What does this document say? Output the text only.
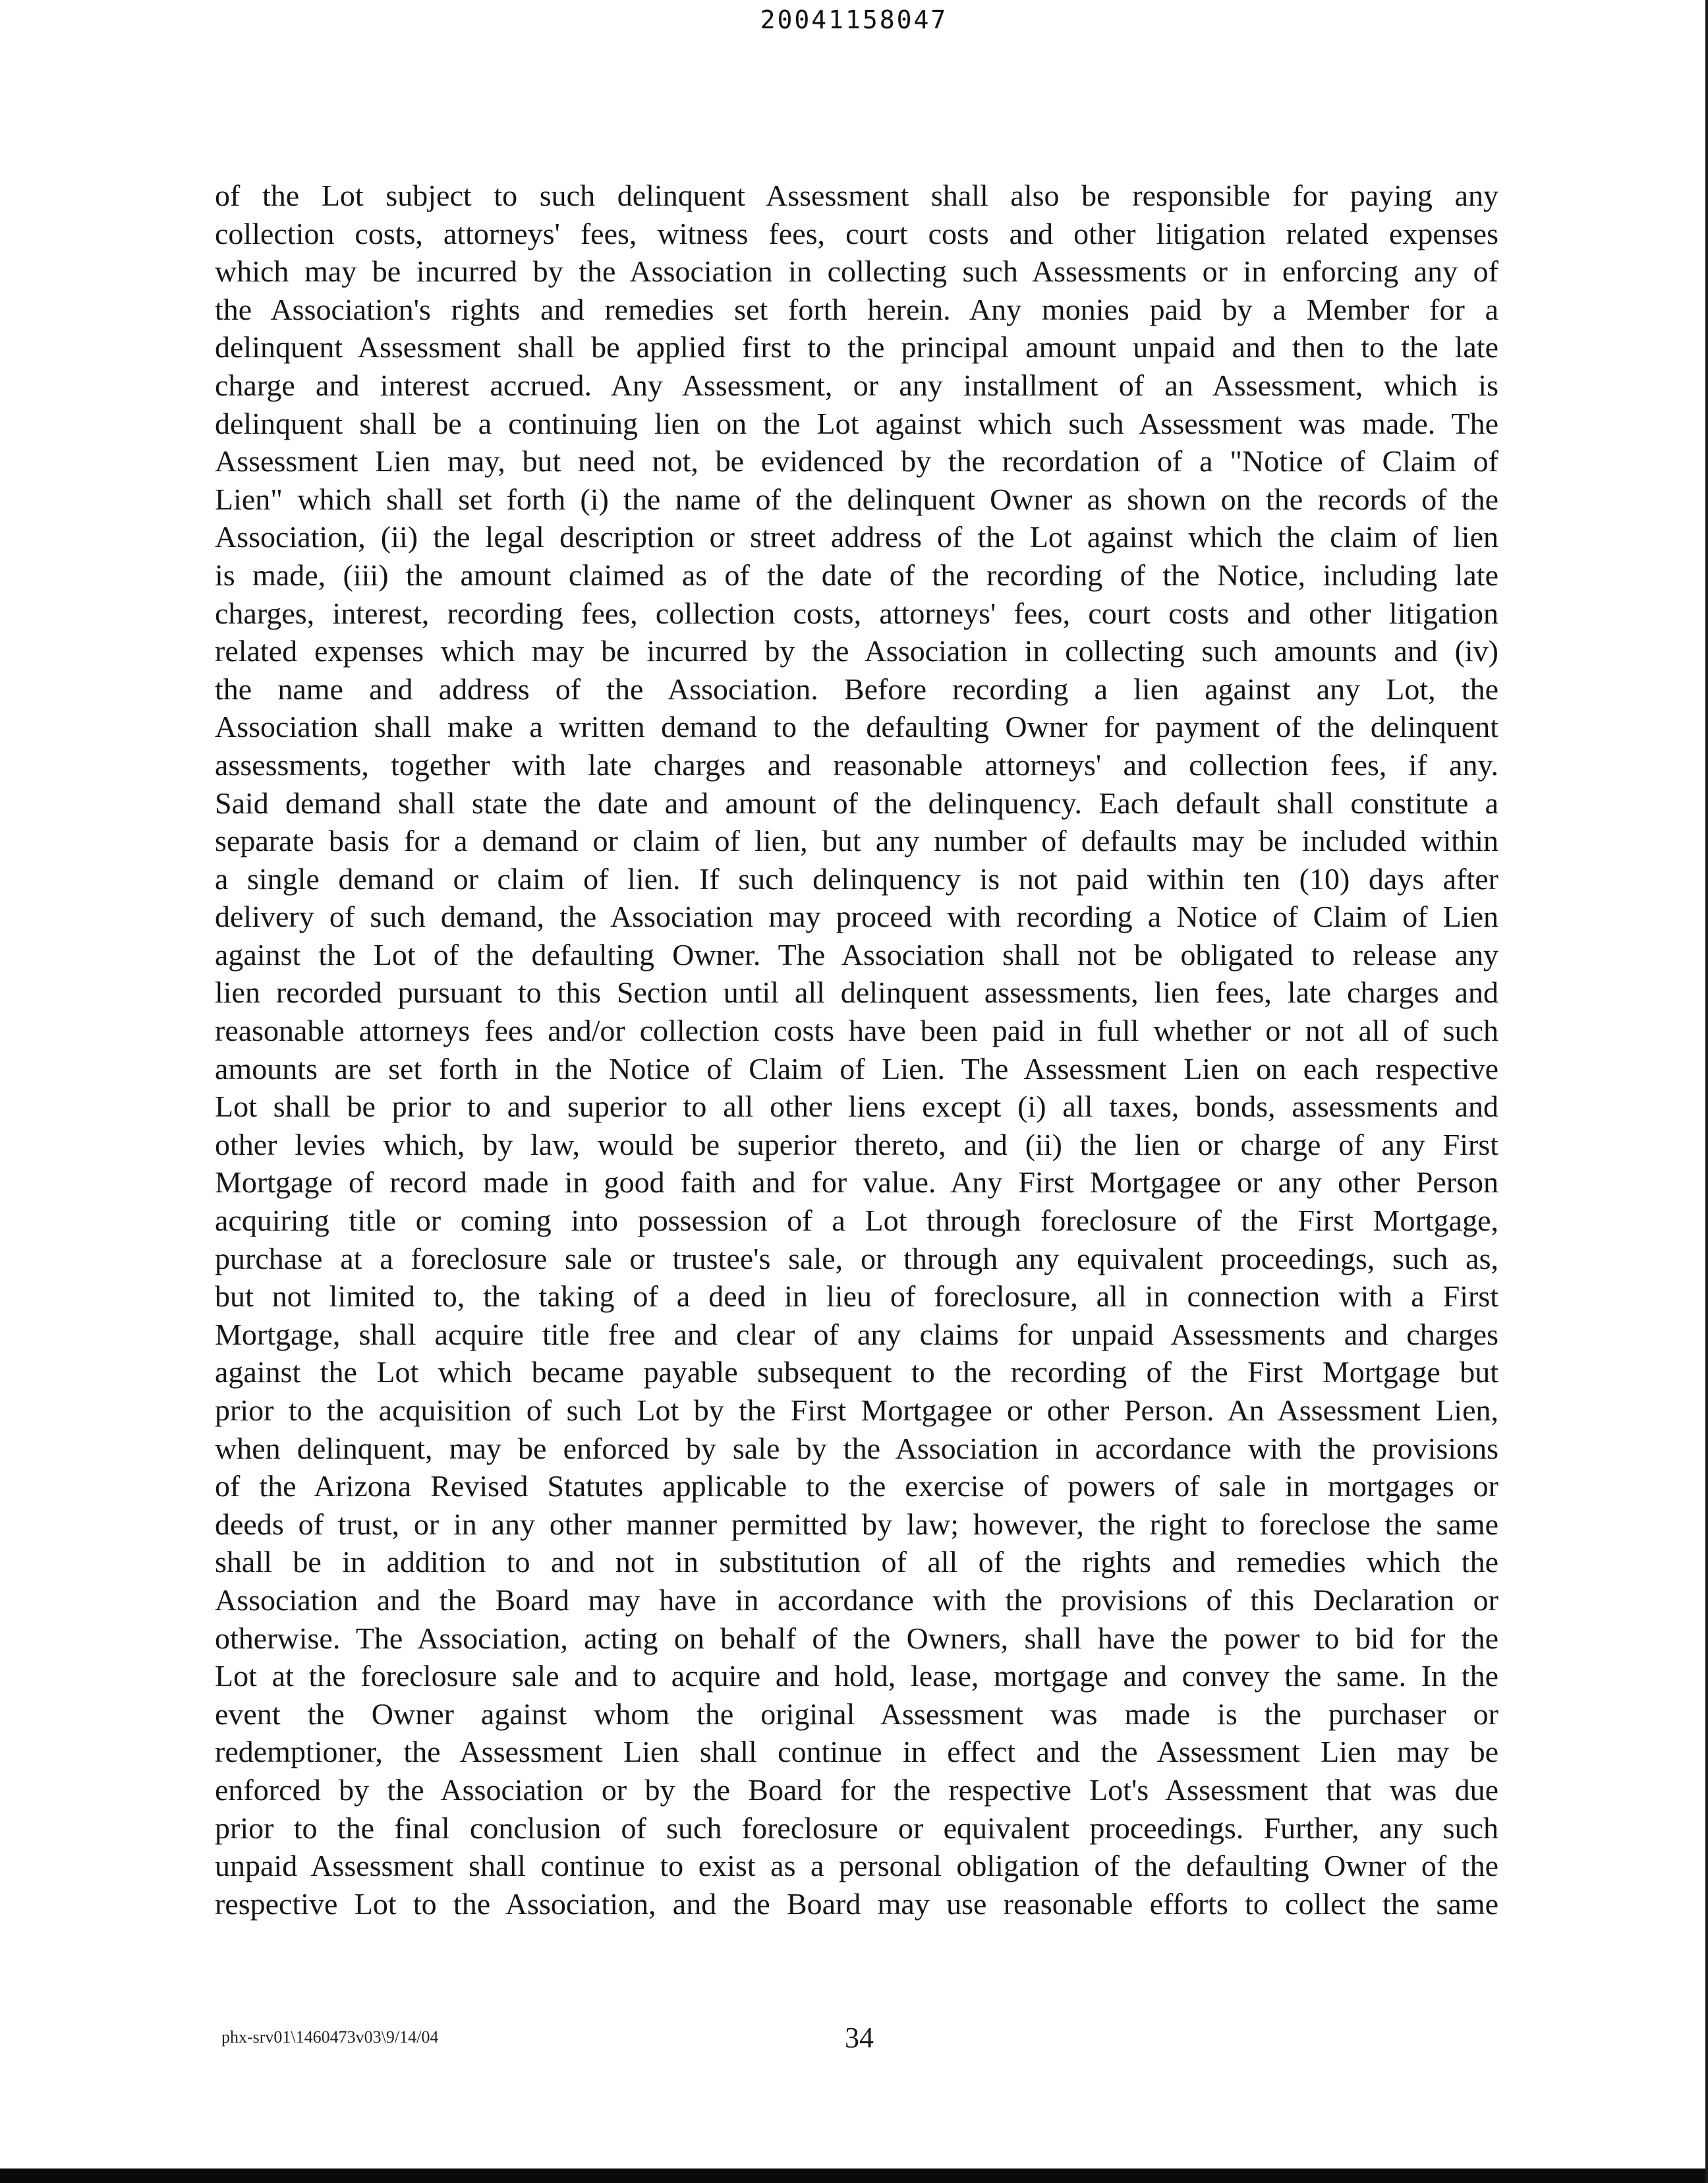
20041158047
of the Lot subject to such delinquent Assessment shall also be responsible for paying any
collection costs, attorneys' fees, witness fees, court costs and other litigation related expenses
which may be incurred by the Association in collecting such Assessments or in enforcing any of
the Association's rights and remedies set forth herein. Any monies paid by a Member for a
delinquent Assessment shall be applied first to the principal amount unpaid and then to the late
charge and interest accrued. Any Assessment, or any installment of an Assessment, which is
delinquent shall be a continuing lien on the Lot against which such Assessment was made. The
Assessment Lien may, but need not, be evidenced by the recordation of a "Notice of Claim of
Lien" which shall set forth (i) the name of the delinquent Owner as shown on the records of the
Association, (ii) the legal description or street address of the Lot against which the claim of lien
is made, (iii) the amount claimed as of the date of the recording of the Notice, including late
charges, interest, recording fees, collection costs, attorneys' fees, court costs and other litigation
related expenses which may be incurred by the Association in collecting such amounts and (iv)
the name and address of the Association. Before recording a lien against any Lot, the
Association shall make a written demand to the defaulting Owner for payment of the delinquent
assessments, together with late charges and reasonable attorneys' and collection fees, if any.
Said demand shall state the date and amount of the delinquency. Each default shall constitute a
separate basis for a demand or claim of lien, but any number of defaults may be included within
a single demand or claim of lien. If such delinquency is not paid within ten (10) days after
delivery of such demand, the Association may proceed with recording a Notice of Claim of Lien
against the Lot of the defaulting Owner. The Association shall not be obligated to release any
lien recorded pursuant to this Section until all delinquent assessments, lien fees, late charges and
reasonable attorneys fees and/or collection costs have been paid in full whether or not all of such
amounts are set forth in the Notice of Claim of Lien. The Assessment Lien on each respective
Lot shall be prior to and superior to all other liens except (i) all taxes, bonds, assessments and
other levies which, by law, would be superior thereto, and (ii) the lien or charge of any First
Mortgage of record made in good faith and for value. Any First Mortgagee or any other Person
acquiring title or coming into possession of a Lot through foreclosure of the First Mortgage,
purchase at a foreclosure sale or trustee's sale, or through any equivalent proceedings, such as,
but not limited to, the taking of a deed in lieu of foreclosure, all in connection with a First
Mortgage, shall acquire title free and clear of any claims for unpaid Assessments and charges
against the Lot which became payable subsequent to the recording of the First Mortgage but
prior to the acquisition of such Lot by the First Mortgagee or other Person. An Assessment Lien,
when delinquent, may be enforced by sale by the Association in accordance with the provisions
of the Arizona Revised Statutes applicable to the exercise of powers of sale in mortgages or
deeds of trust, or in any other manner permitted by law; however, the right to foreclose the same
shall be in addition to and not in substitution of all of the rights and remedies which the
Association and the Board may have in accordance with the provisions of this Declaration or
otherwise. The Association, acting on behalf of the Owners, shall have the power to bid for the
Lot at the foreclosure sale and to acquire and hold, lease, mortgage and convey the same. In the
event the Owner against whom the original Assessment was made is the purchaser or
redemptioner, the Assessment Lien shall continue in effect and the Assessment Lien may be
enforced by the Association or by the Board for the respective Lot's Assessment that was due
prior to the final conclusion of such foreclosure or equivalent proceedings. Further, any such
unpaid Assessment shall continue to exist as a personal obligation of the defaulting Owner of the
respective Lot to the Association, and the Board may use reasonable efforts to collect the same
phx-srv01\1460473v03\9/14/04	34
